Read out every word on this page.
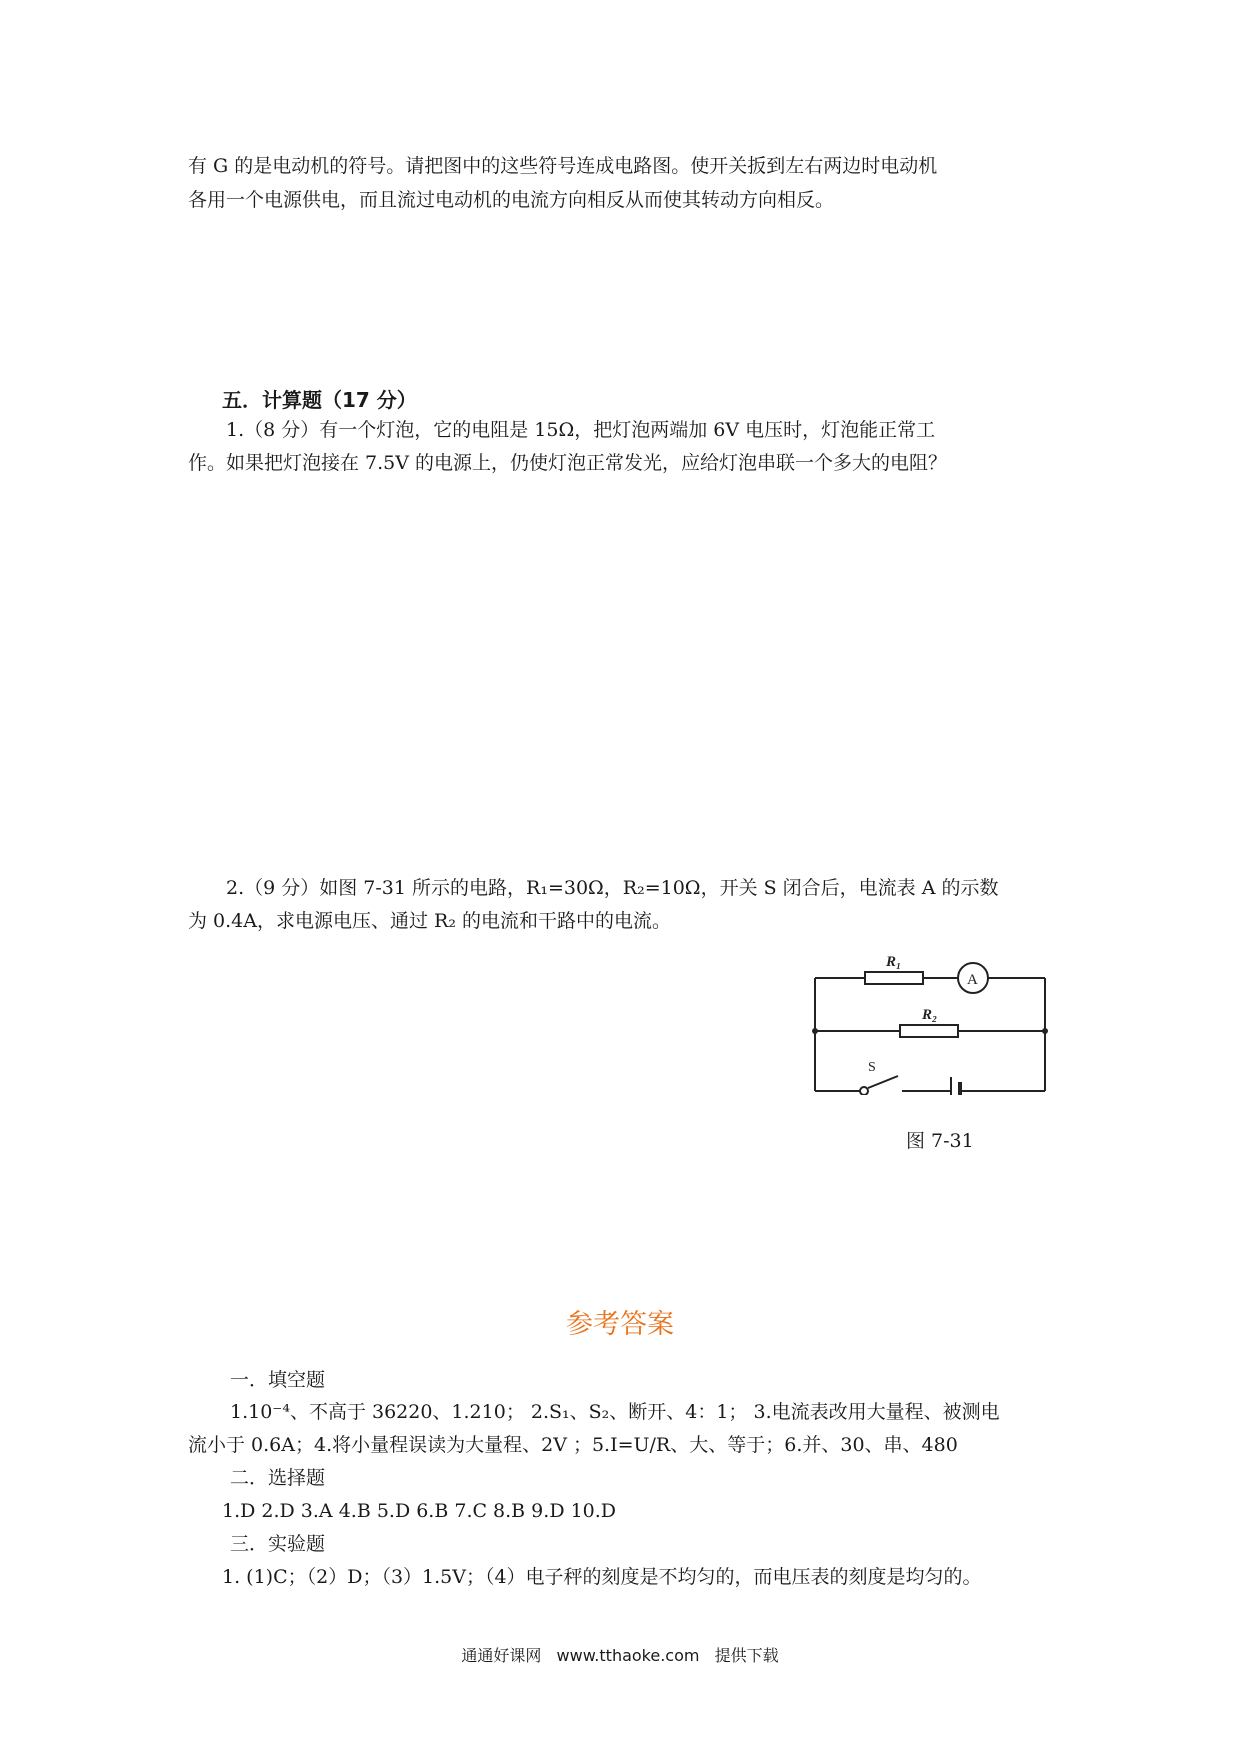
有 G 的是电动机的符号。请把图中的这些符号连成电路图。使开关扳到左右两边时电动机

各用一个电源供电，而且流过电动机的电流方向相反从而使其转动方向相反。

五．计算题（17 分）

1.（8 分）有一个灯泡，它的电阻是 15Ω，把灯泡两端加 6V 电压时，灯泡能正常工

作。如果把灯泡接在 7.5V 的电源上，仍使灯泡正常发光，应给灯泡串联一个多大的电阻？

2.（9 分）如图 7-31 所示的电路，R₁=30Ω，R₂=10Ω，开关 S 闭合后，电流表 A 的示数

为 0.4A，求电源电压、通过 R₂ 的电流和干路中的电流。

R₁
R₂
A
S

图 7-31

参考答案

一．填空题

1.10⁻⁴、不高于 36220、1.210； 2.S₁、S₂、断开、4：1； 3.电流表改用大量程、被测电

流小于 0.6A；4.将小量程误读为大量程、2V ；5.I=U/R、大、等于；6.并、30、串、480

二．选择题

1.D 2.D 3.A 4.B 5.D 6.B 7.C 8.B 9.D 10.D

三．实验题

1. (1)C；（2）D；（3）1.5V；（4）电子秤的刻度是不均匀的，而电压表的刻度是均匀的。

通通好课网 www.tthaoke.com 提供下载
